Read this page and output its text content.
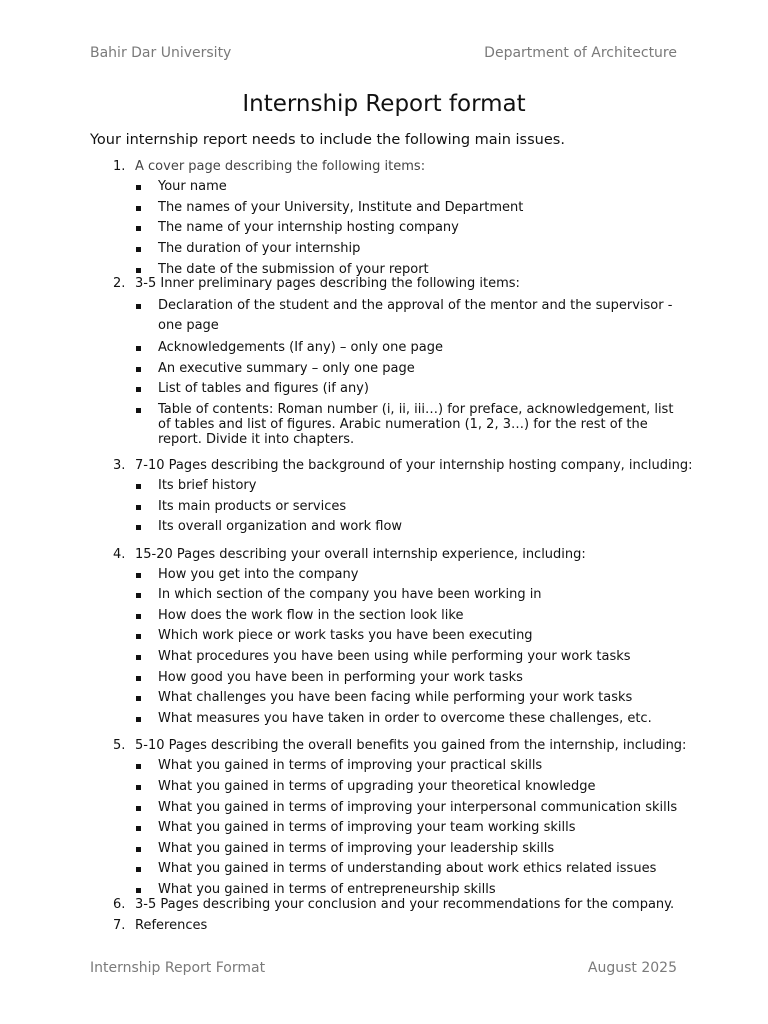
Bahir Dar University	Department of Architecture
Internship Report format
Your internship report needs to include the following main issues.
1. A cover page describing the following items:
Your name
The names of your University, Institute and Department
The name of your internship hosting company
The duration of your internship
The date of the submission of your report
2. 3-5 Inner preliminary pages describing the following items:
Declaration of the student and the approval of the mentor and the supervisor - one page
Acknowledgements (If any) – only one page
An executive summary – only one page
List of tables and figures (if any)
Table of contents: Roman number (i, ii, iii…) for preface, acknowledgement, list of tables and list of figures. Arabic numeration (1, 2, 3…) for the rest of the report. Divide it into chapters.
3. 7-10 Pages describing the background of your internship hosting company, including:
Its brief history
Its main products or services
Its overall organization and work flow
4. 15-20 Pages describing your overall internship experience, including:
How you get into the company
In which section of the company you have been working in
How does the work flow in the section look like
Which work piece or work tasks you have been executing
What procedures you have been using while performing your work tasks
How good you have been in performing your work tasks
What challenges you have been facing while performing your work tasks
What measures you have taken in order to overcome these challenges, etc.
5. 5-10 Pages describing the overall benefits you gained from the internship, including:
What you gained in terms of improving your practical skills
What you gained in terms of upgrading your theoretical knowledge
What you gained in terms of improving your interpersonal communication skills
What you gained in terms of improving your team working skills
What you gained in terms of improving your leadership skills
What you gained in terms of understanding about work ethics related issues
What you gained in terms of entrepreneurship skills
6. 3-5 Pages describing your conclusion and your recommendations for the company.
7. References
Internship Report Format	August 2025
